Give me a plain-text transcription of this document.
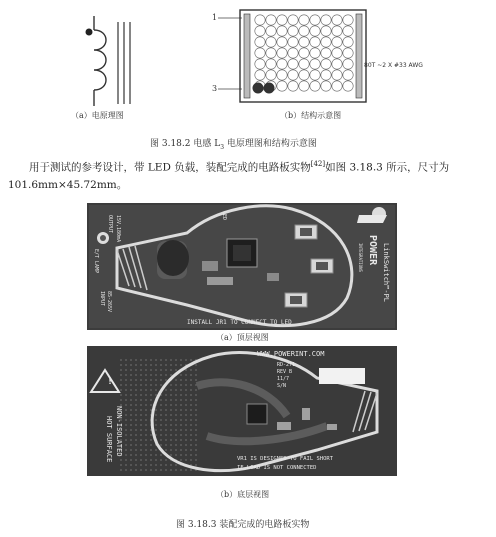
（a）电原理图
1
3
80T ~2 X #33 AWG
（b）结构示意图
图 3.18.2 电感 $L_3$ 电原理图和结构示意图
用于测试的参考设计，带 LED 负载，装配完成的电路板实物[42]如图 3.18.3 所示，尺寸为
101.6mm×45.72mm。
POWER
INTEGRATIONS	LinkSwitch™-PL
OUTPUT 15V,180mA	LED
E/T LAMP
INPUT 85-265V
INSTALL JR1 TO CONNECT TO LED
（a）顶层视图
!
NON-ISOLATED
HOT SURFACE
WWW.POWERINT.COM
RD-271
REV B
11/7
S/N
VR1 IS DESIGNED TO FAIL SHORT
IF LOAD IS NOT CONNECTED
（b）底层视图
图 3.18.3 装配完成的电路板实物
